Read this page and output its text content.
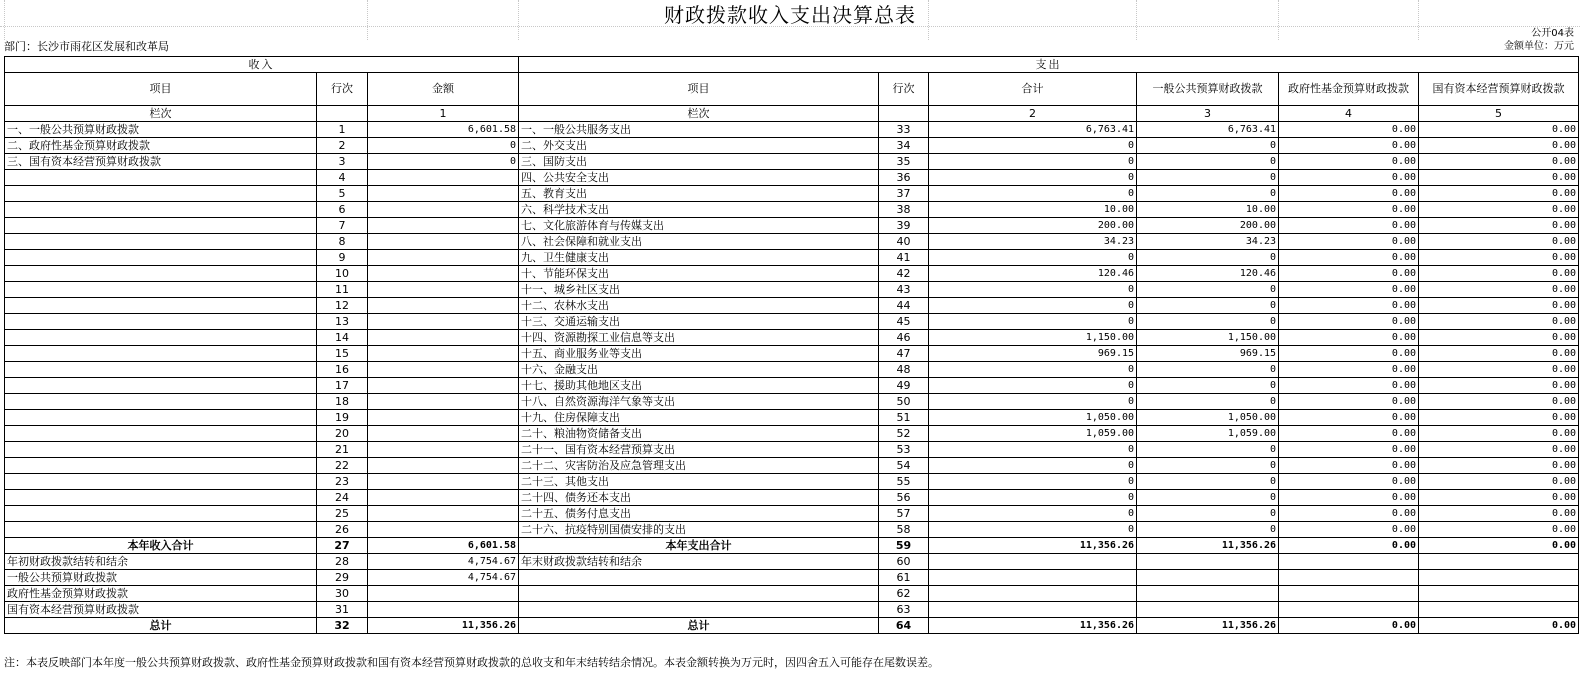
财政拨款收入支出决算总表
公开04表
部门：长沙市雨花区发展和改革局	金额单位：万元
收入			支出					
项目	行次	金额	项目	行次	合计	一般公共预算财政拨款	政府性基金预算财政拨款	国有资本经营预算财政拨款
栏次		1	栏次		2	3	4	5
一、一般公共预算财政拨款	1	6,601.58	一、一般公共服务支出	33	6,763.41	6,763.41	0.00	0.00
二、政府性基金预算财政拨款	2	0	二、外交支出	34	0	0	0.00	0.00
三、国有资本经营预算财政拨款	3	0	三、国防支出	35	0	0	0.00	0.00
	4		四、公共安全支出	36	0	0	0.00	0.00
	5		五、教育支出	37	0	0	0.00	0.00
	6		六、科学技术支出	38	10.00	10.00	0.00	0.00
	7		七、文化旅游体育与传媒支出	39	200.00	200.00	0.00	0.00
	8		八、社会保障和就业支出	40	34.23	34.23	0.00	0.00
	9		九、卫生健康支出	41	0	0	0.00	0.00
	10		十、节能环保支出	42	120.46	120.46	0.00	0.00
	11		十一、城乡社区支出	43	0	0	0.00	0.00
	12		十二、农林水支出	44	0	0	0.00	0.00
	13		十三、交通运输支出	45	0	0	0.00	0.00
	14		十四、资源勘探工业信息等支出	46	1,150.00	1,150.00	0.00	0.00
	15		十五、商业服务业等支出	47	969.15	969.15	0.00	0.00
	16		十六、金融支出	48	0	0	0.00	0.00
	17		十七、援助其他地区支出	49	0	0	0.00	0.00
	18		十八、自然资源海洋气象等支出	50	0	0	0.00	0.00
	19		十九、住房保障支出	51	1,050.00	1,050.00	0.00	0.00
	20		二十、粮油物资储备支出	52	1,059.00	1,059.00	0.00	0.00
	21		二十一、国有资本经营预算支出	53	0	0	0.00	0.00
	22		二十二、灾害防治及应急管理支出	54	0	0	0.00	0.00
	23		二十三、其他支出	55	0	0	0.00	0.00
	24		二十四、债务还本支出	56	0	0	0.00	0.00
	25		二十五、债务付息支出	57	0	0	0.00	0.00
	26		二十六、抗疫特别国债安排的支出	58	0	0	0.00	0.00
本年收入合计	27	6,601.58	本年支出合计	59	11,356.26	11,356.26	0.00	0.00
年初财政拨款结转和结余	28	4,754.67	年末财政拨款结转和结余	60				
一般公共预算财政拨款	29	4,754.67		61				
政府性基金预算财政拨款	30			62				
国有资本经营预算财政拨款	31			63				
总计	32	11,356.26	总计	64	11,356.26	11,356.26	0.00	0.00
注：本表反映部门本年度一般公共预算财政拨款、政府性基金预算财政拨款和国有资本经营预算财政拨款的总收支和年末结转结余情况。本表金额转换为万元时，因四舍五入可能存在尾数误差。
